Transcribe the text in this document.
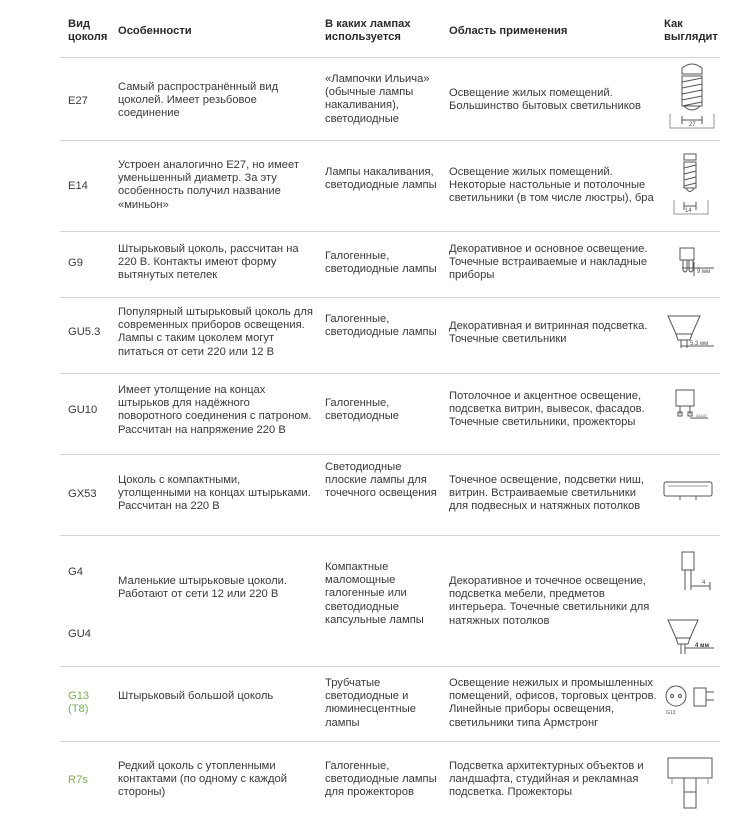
Вид
цоколя
Особенности
В каких лампах
используется
Область применения
Как
выглядит
E27
Самый распространённый вид
цоколей. Имеет резьбовое
соединение
«Лампочки Ильича»
(обычные лампы
накаливания),
светодиодные
Освещение жилых помещений.
Большинство бытовых светильников
27
E14
Устроен аналогично E27, но имеет
уменьшенный диаметр. За эту
особенность получил название
«миньон»
Лампы накаливания,
светодиодные лампы
Освещение жилых помещений.
Некоторые настольные и потолочные
светильники (в том числе люстры), бра
14
G9
Штырьковый цоколь, рассчитан на
220 В. Контакты имеют форму
вытянутых петелек
Галогенные,
светодиодные лампы
Декоративное и основное освещение.
Точечные встраиваемые и накладные
приборы	9 мм
GU5.3
Популярный штырьковый цоколь для
современных приборов освещения.
Лампы с таким цоколем могут
питаться от сети 220 или 12 В
Галогенные,
светодиодные лампы
Декоративная и витринная подсветка.
Точечные светильники	5.3 мм
GU10
Имеет утолщение на концах
штырьков для надёжного
поворотного соединения с патроном.
Рассчитан на напряжение 220 В
Галогенные,
светодиодные
Потолочное и акцентное освещение,
подсветка витрин, вывесок, фасадов.
Точечные светильники, прожекторы
GU10
GX53
Цоколь с компактными,
утолщенными на концах штырьками.
Рассчитан на 220 В
Светодиодные
плоские лампы для
точечного освещения
Точечное освещение, подсветки ниш,
витрин. Встраиваемые светильники
для подвесных и натяжных потолков
G4
GU4
Маленькие штырьковые цоколи.
Работают от сети 12 или 220 В
Компактные
маломощные
галогенные или
светодиодные
капсульные лампы
Декоративное и точечное освещение,
подсветка мебели, предметов
интерьера. Точечные светильники для
натяжных потолков
4
4 мм
G13
(T8)
Штырьковый большой цоколь
Трубчатые
светодиодные и
люминесцентные
лампы
Освещение нежилых и промышленных
помещений, офисов, торговых центров.
Линейные приборы освещения,
светильники типа Армстронг
G13
R7s
Редкий цоколь с утопленными
контактами (по одному с каждой
стороны)
Галогенные,
светодиодные лампы
для прожекторов
Подсветка архитектурных объектов и
ландшафта, студийная и рекламная
подсветка. Прожекторы
